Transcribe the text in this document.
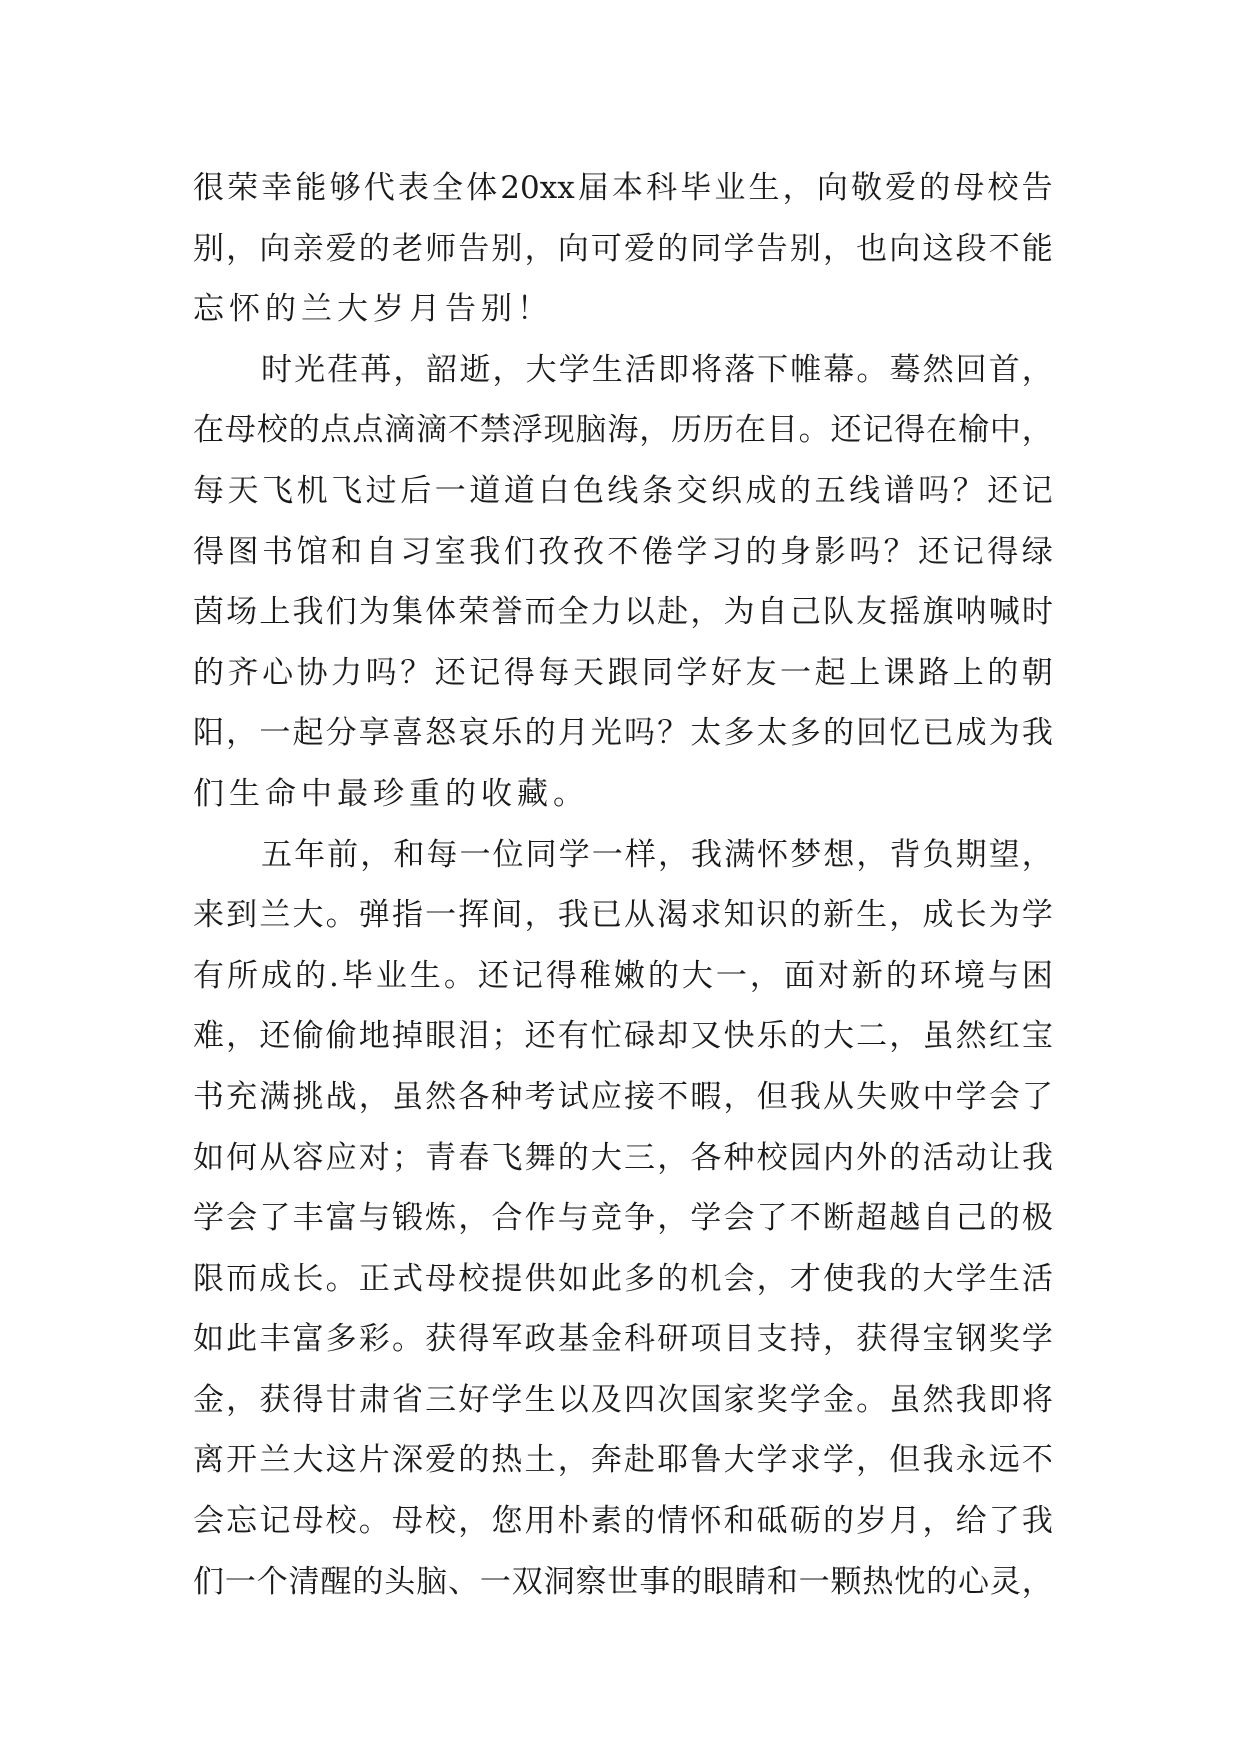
很 荣 幸 能 够 代 表 全 体 20xx 届 本 科 毕 业 生 ， 向 敬 爱 的 母 校 告
别 ， 向 亲 爱 的 老 师 告 别 ， 向 可 爱 的 同 学 告 别 ， 也 向 这 段 不 能
忘怀的兰大岁月告别！
时 光 荏 苒 ， 韶 逝 ， 大 学 生 活 即 将 落 下 帷 幕 。 蓦 然 回 首 ，
在 母 校 的 点 点 滴 滴 不 禁 浮 现 脑 海 ， 历 历 在 目 。 还 记 得 在 榆 中 ，
每 天 飞 机 飞 过 后 一 道 道 白 色 线 条 交 织 成 的 五 线 谱 吗 ？ 还 记
得 图 书 馆 和 自 习 室 我 们 孜 孜 不 倦 学 习 的 身 影 吗 ？ 还 记 得 绿
茵 场 上 我 们 为 集 体 荣 誉 而 全 力 以 赴 ， 为 自 己 队 友 摇 旗 呐 喊 时
的 齐 心 协 力 吗 ？ 还 记 得 每 天 跟 同 学 好 友 一 起 上 课 路 上 的 朝
阳 ， 一 起 分 享 喜 怒 哀 乐 的 月 光 吗 ？ 太 多 太 多 的 回 忆 已 成 为 我
们生命中最珍重的收藏。
五 年 前 ， 和 每 一 位 同 学 一 样 ， 我 满 怀 梦 想 ， 背 负 期 望 ，
来 到 兰 大 。 弹 指 一 挥 间 ， 我 已 从 渴 求 知 识 的 新 生 ， 成 长 为 学
有 所 成 的 . 毕 业 生 。 还 记 得 稚 嫩 的 大 一 ， 面 对 新 的 环 境 与 困
难 ， 还 偷 偷 地 掉 眼 泪 ； 还 有 忙 碌 却 又 快 乐 的 大 二 ， 虽 然 红 宝
书 充 满 挑 战 ， 虽 然 各 种 考 试 应 接 不 暇 ， 但 我 从 失 败 中 学 会 了
如 何 从 容 应 对 ； 青 春 飞 舞 的 大 三 ， 各 种 校 园 内 外 的 活 动 让 我
学 会 了 丰 富 与 锻 炼 ， 合 作 与 竞 争 ， 学 会 了 不 断 超 越 自 己 的 极
限 而 成 长 。 正 式 母 校 提 供 如 此 多 的 机 会 ， 才 使 我 的 大 学 生 活
如 此 丰 富 多 彩 。 获 得 军 政 基 金 科 研 项 目 支 持 ， 获 得 宝 钢 奖 学
金 ， 获 得 甘 肃 省 三 好 学 生 以 及 四 次 国 家 奖 学 金 。 虽 然 我 即 将
离 开 兰 大 这 片 深 爱 的 热 土 ， 奔 赴 耶 鲁 大 学 求 学 ， 但 我 永 远 不
会 忘 记 母 校 。 母 校 ， 您 用 朴 素 的 情 怀 和 砥 砺 的 岁 月 ， 给 了 我
们 一 个 清 醒 的 头 脑 、 一 双 洞 察 世 事 的 眼 睛 和 一 颗 热 忱 的 心 灵 ，
